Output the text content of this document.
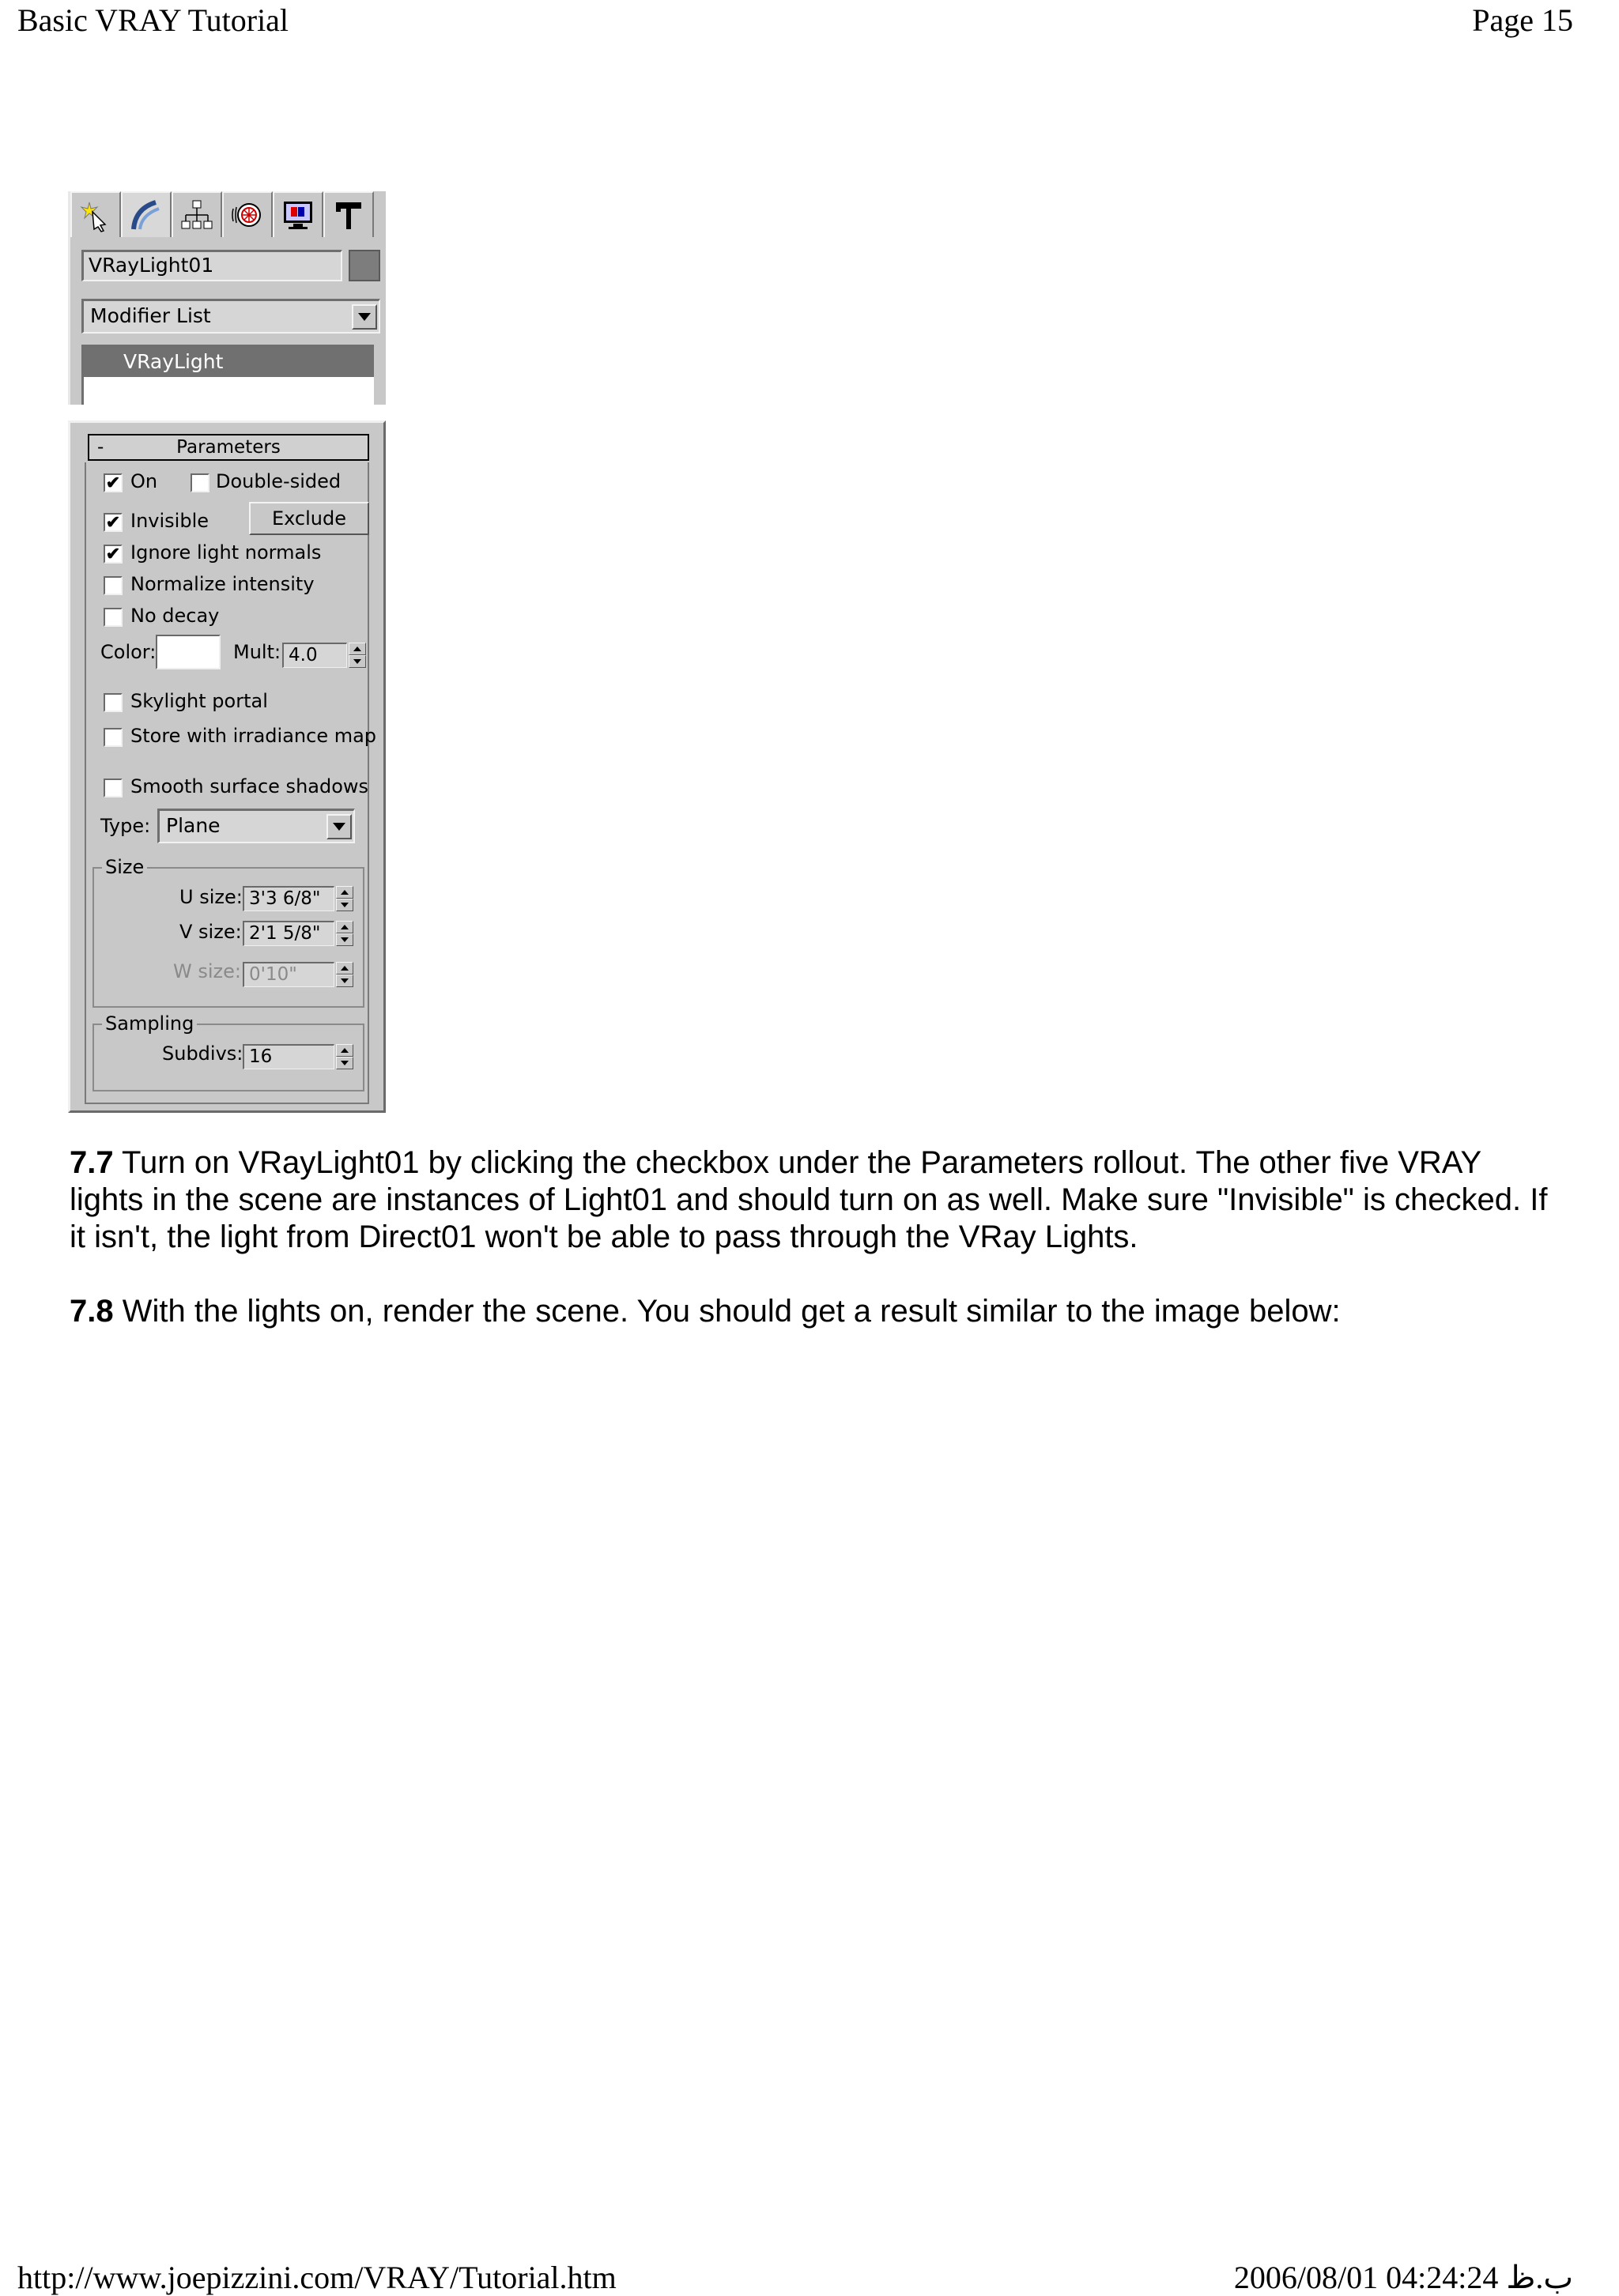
Basic VRAY Tutorial	Page 15
http://www.joepizzini.com/VRAY/Tutorial.htm	2006/08/01 04:24:24 ب.ظ
VRayLight01
Modifier List
VRayLight
-	Parameters
✔ On	Double-sided
✔ Invisible	Exclude
✔ Ignore light normals
Normalize intensity
No decay
Color:	Mult: 4.0
Skylight portal
Store with irradiance map
Smooth surface shadows
Type: Plane
Size
U size: 3'3 6/8"
V size: 2'1 5/8"
W size: 0'10"
Sampling
Subdivs: 16
7.7 Turn on VRayLight01 by clicking the checkbox under the Parameters rollout. The other five VRAY lights in the scene are instances of Light01 and should turn on as well. Make sure "Invisible" is checked. If it isn't, the light from Direct01 won't be able to pass through the VRay Lights.
7.8 With the lights on, render the scene. You should get a result similar to the image below:
